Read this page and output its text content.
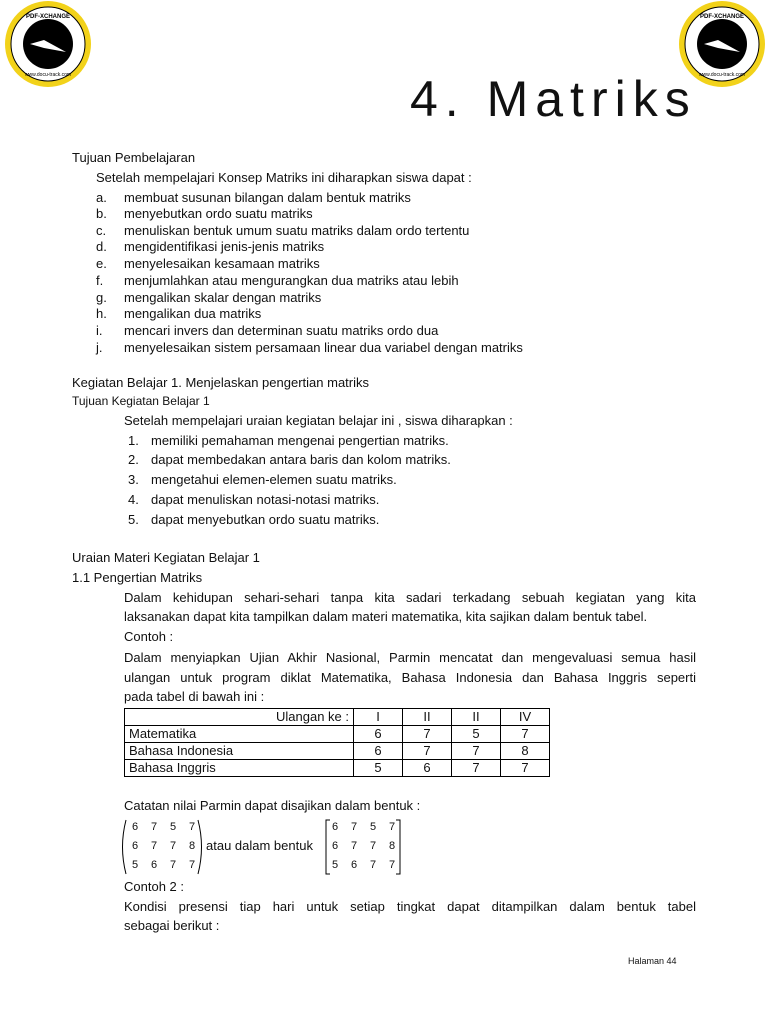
PDF-XCHANGE
www.docu-track.com
PDF-XCHANGE
www.docu-track.com
4. Matriks
Tujuan Pembelajaran
Setelah mempelajari Konsep Matriks ini diharapkan siswa dapat :
a. membuat susunan bilangan dalam bentuk matriks
b. menyebutkan ordo suatu matriks
c. menuliskan bentuk umum suatu matriks dalam ordo tertentu
d. mengidentifikasi jenis-jenis matriks
e. menyelesaikan kesamaan matriks
f. menjumlahkan atau mengurangkan dua matriks atau lebih
g. mengalikan skalar dengan matriks
h. mengalikan dua matriks
i. mencari invers dan determinan suatu matriks ordo dua
j. menyelesaikan sistem persamaan linear dua variabel dengan matriks
Kegiatan Belajar 1. Menjelaskan pengertian matriks
Tujuan Kegiatan Belajar 1
Setelah mempelajari uraian kegiatan belajar ini , siswa diharapkan :
1. memiliki pemahaman mengenai pengertian matriks.
2. dapat membedakan antara baris dan kolom matriks.
3. mengetahui elemen-elemen suatu matriks.
4. dapat menuliskan notasi-notasi matriks.
5. dapat menyebutkan ordo suatu matriks.
Uraian Materi Kegiatan Belajar 1
1.1 Pengertian Matriks
Dalam kehidupan sehari-sehari tanpa kita sadari terkadang sebuah kegiatan yang kita
laksanakan dapat kita tampilkan dalam materi matematika, kita sajikan dalam bentuk tabel.
Contoh :
Dalam menyiapkan Ujian Akhir Nasional, Parmin mencatat dan mengevaluasi semua hasil
ulangan untuk program diklat Matematika, Bahasa Indonesia dan Bahasa Inggris seperti
pada tabel di bawah ini :
Ulangan ke :	I	II	II	IV
Matematika	6	7	5	7
Bahasa Indonesia	6	7	7	8
Bahasa Inggris	5	6	7	7
Catatan nilai Parmin dapat disajikan dalam bentuk :
6 7 5 7
6 7 7 8
5 6 7 7
atau dalam bentuk
6 7 5 7
6 7 7 8
5 6 7 7
Contoh 2 :
Kondisi presensi tiap hari untuk setiap tingkat dapat ditampilkan dalam bentuk tabel
sebagai berikut :
Halaman 44
